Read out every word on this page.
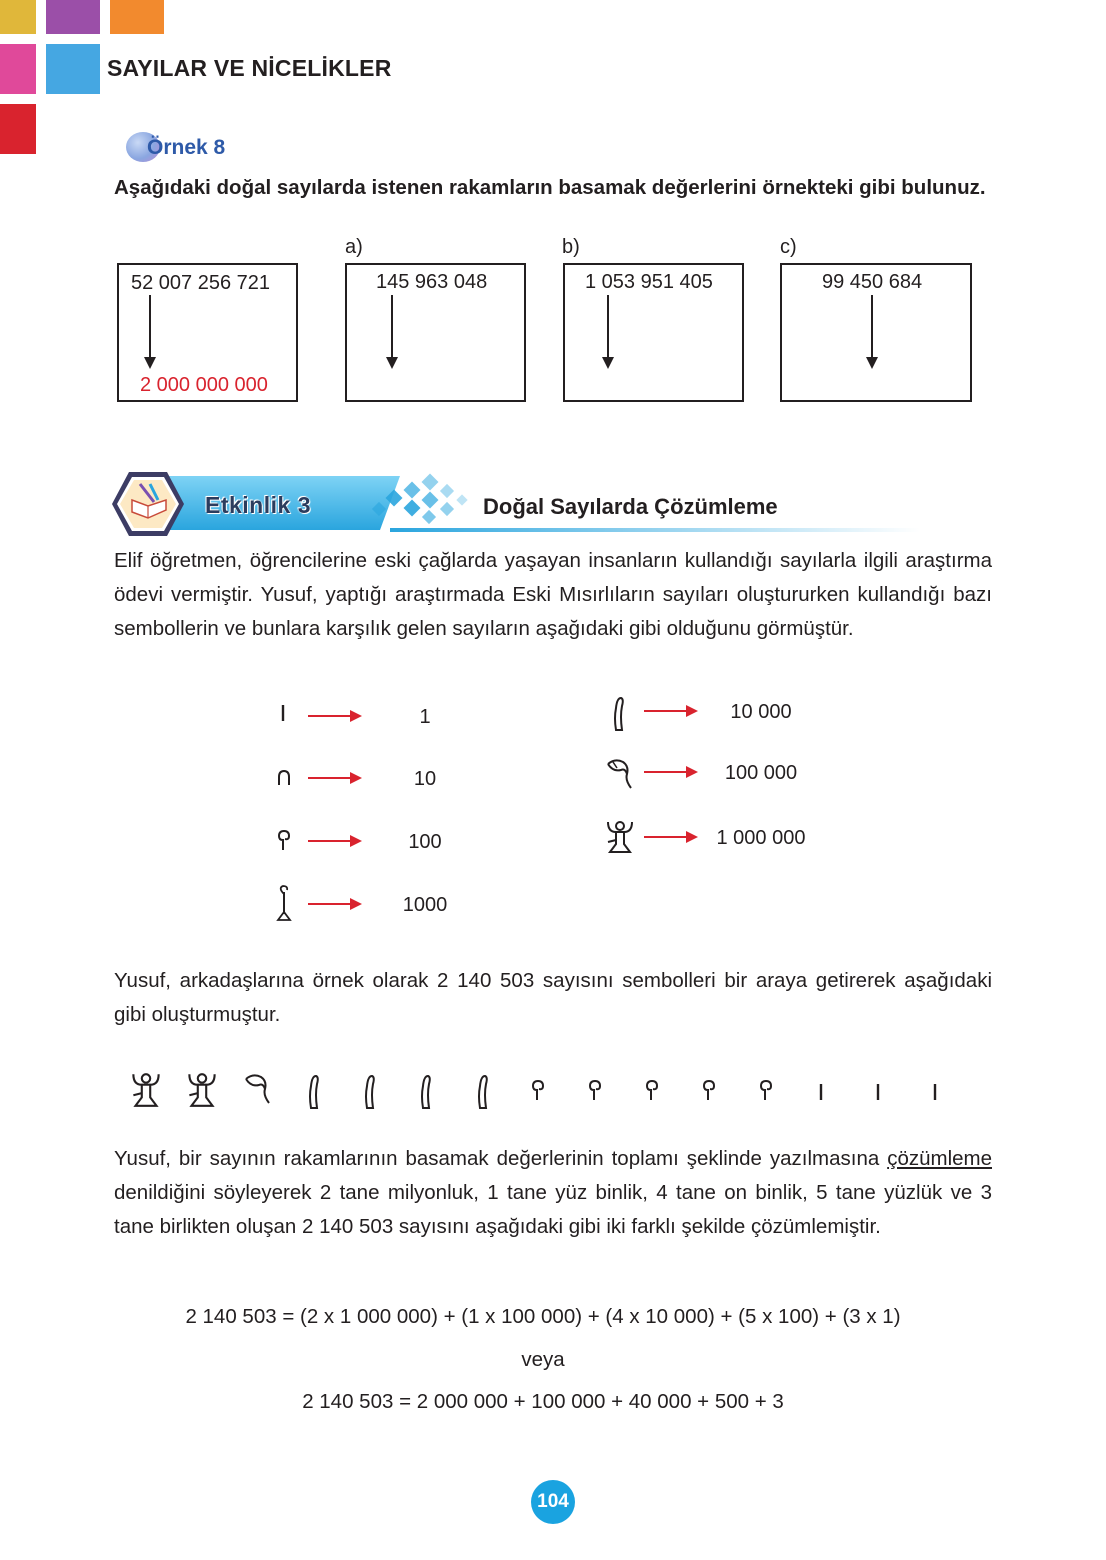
SAYILAR VE NİCELİKLER
Örnek 8
Aşağıdaki doğal sayılarda istenen rakamların basamak değerlerini örnekteki gibi bulunuz.
52 007 256 721
2 000 000 000
a)
145 963 048
b)
1 053 951 405
c)
99 450 684
Etkinlik 3	Doğal Sayılarda Çözümleme
Elif öğretmen, öğrencilerine eski çağlarda yaşayan insanların kullandığı sayılarla ilgili araştırma ödevi vermiştir. Yusuf, yaptığı araştırmada Eski Mısırlıların sayıları oluştururken kullandığı bazı sembollerin ve bunlara karşılık gelen sayıların aşağıdaki gibi olduğunu görmüştür.
1
10
100
1000
10 000
100 000
1 000 000
Yusuf, arkadaşlarına örnek olarak 2 140 503 sayısını sembolleri bir araya getirerek aşağıdaki gibi oluşturmuştur.
Yusuf, bir sayının rakamlarının basamak değerlerinin toplamı şeklinde yazılmasına çözümleme denildiğini söyleyerek 2 tane milyonluk, 1 tane yüz binlik, 4 tane on binlik, 5 tane yüzlük ve 3 tane birlikten oluşan 2 140 503 sayısını aşağıdaki gibi iki farklı şekilde çözümlemiştir.
2 140 503 = (2 x 1 000 000) + (1 x 100 000) + (4 x 10 000) + (5 x 100) + (3 x 1)
veya
2 140 503 = 2 000 000 + 100 000 + 40 000 + 500 + 3
104
